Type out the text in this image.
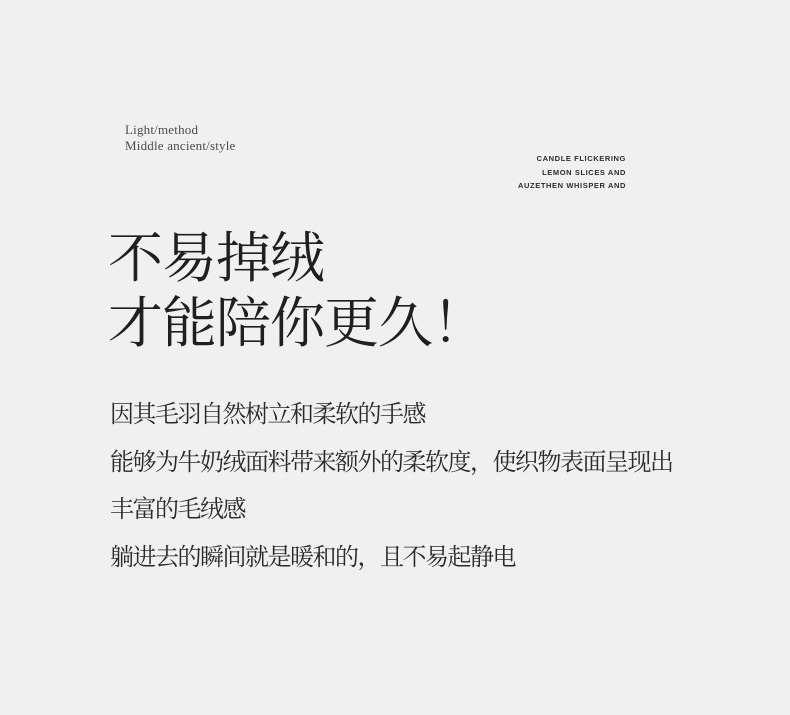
Light/method
Middle ancient/style
CANDLE FLICKERING
LEMON SLICES AND
AUZETHEN WHISPER AND
不易掉绒
才能陪你更久！

因其毛羽自然树立和柔软的手感

能够为牛奶绒面料带来额外的柔软度，使织物表面呈现出

丰富的毛绒感

躺进去的瞬间就是暖和的，且不易起静电
